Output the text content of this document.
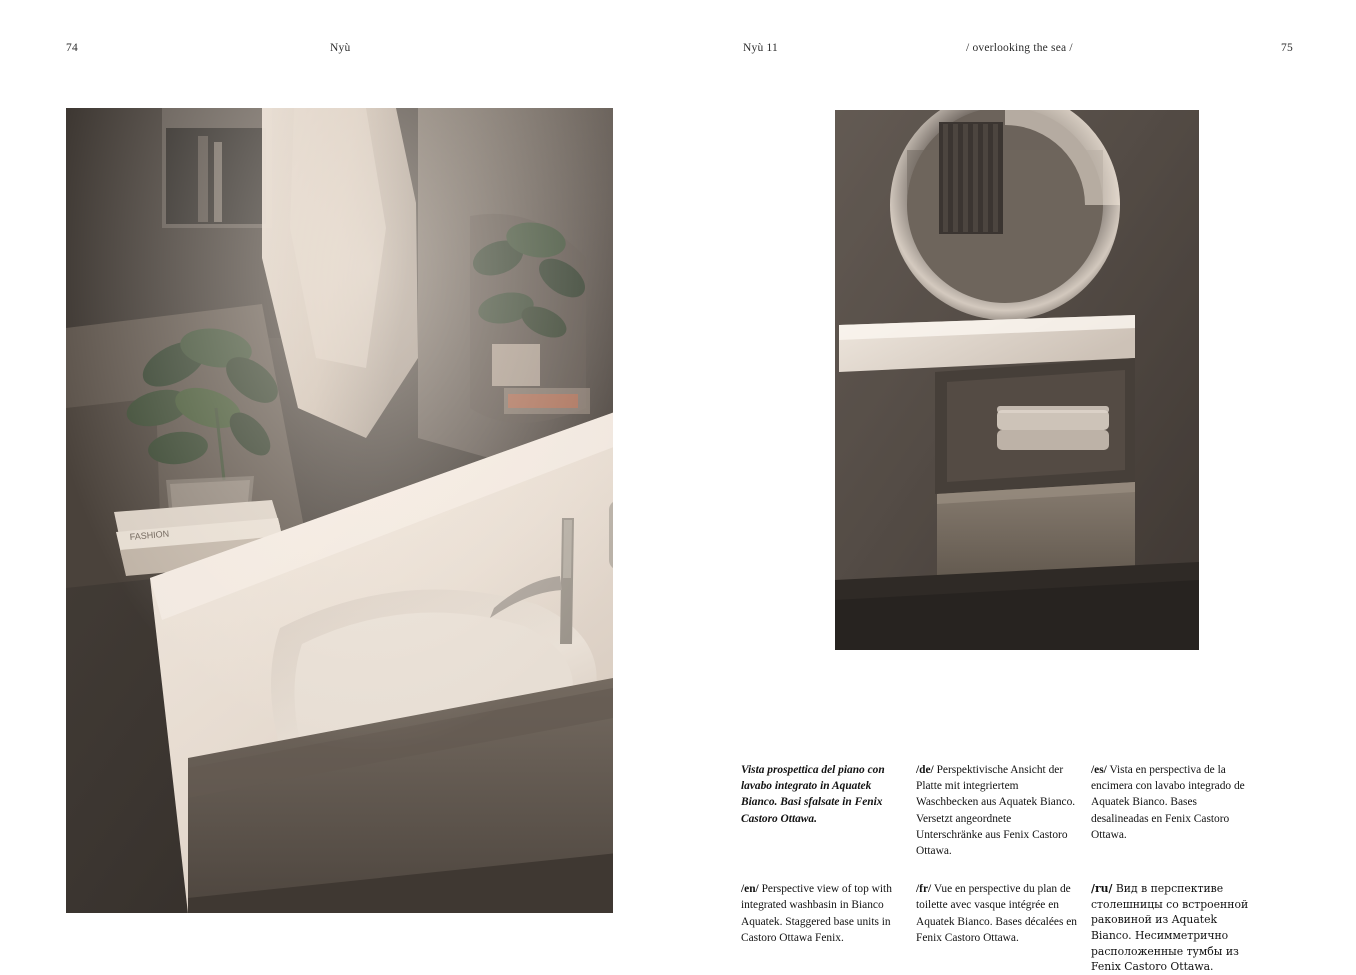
74	Nyù	Nyù 11	/ overlooking the sea /	75
Vista prospettica del piano con lavabo integrato in Aquatek Bianco. Basi sfalsate in Fenix Castoro Ottawa.
/de/ Perspektivische Ansicht der Platte mit integriertem Waschbecken aus Aquatek Bianco. Versetzt angeordnete Unterschränke aus Fenix Castoro Ottawa.
/es/ Vista en perspectiva de la encimera con lavabo integrado de Aquatek Bianco. Bases desalineadas en Fenix Castoro Ottawa.
/en/ Perspective view of top with integrated washbasin in Bianco Aquatek. Staggered base units in Castoro Ottawa Fenix.
/fr/ Vue en perspective du plan de toilette avec vasque intégrée en Aquatek Bianco. Bases décalées en Fenix Castoro Ottawa.
/ru/ Вид в перспективе столешницы со встроенной раковиной из Aquatek Bianco. Несимметрично расположенные тумбы из Fenix Castoro Ottawa.
